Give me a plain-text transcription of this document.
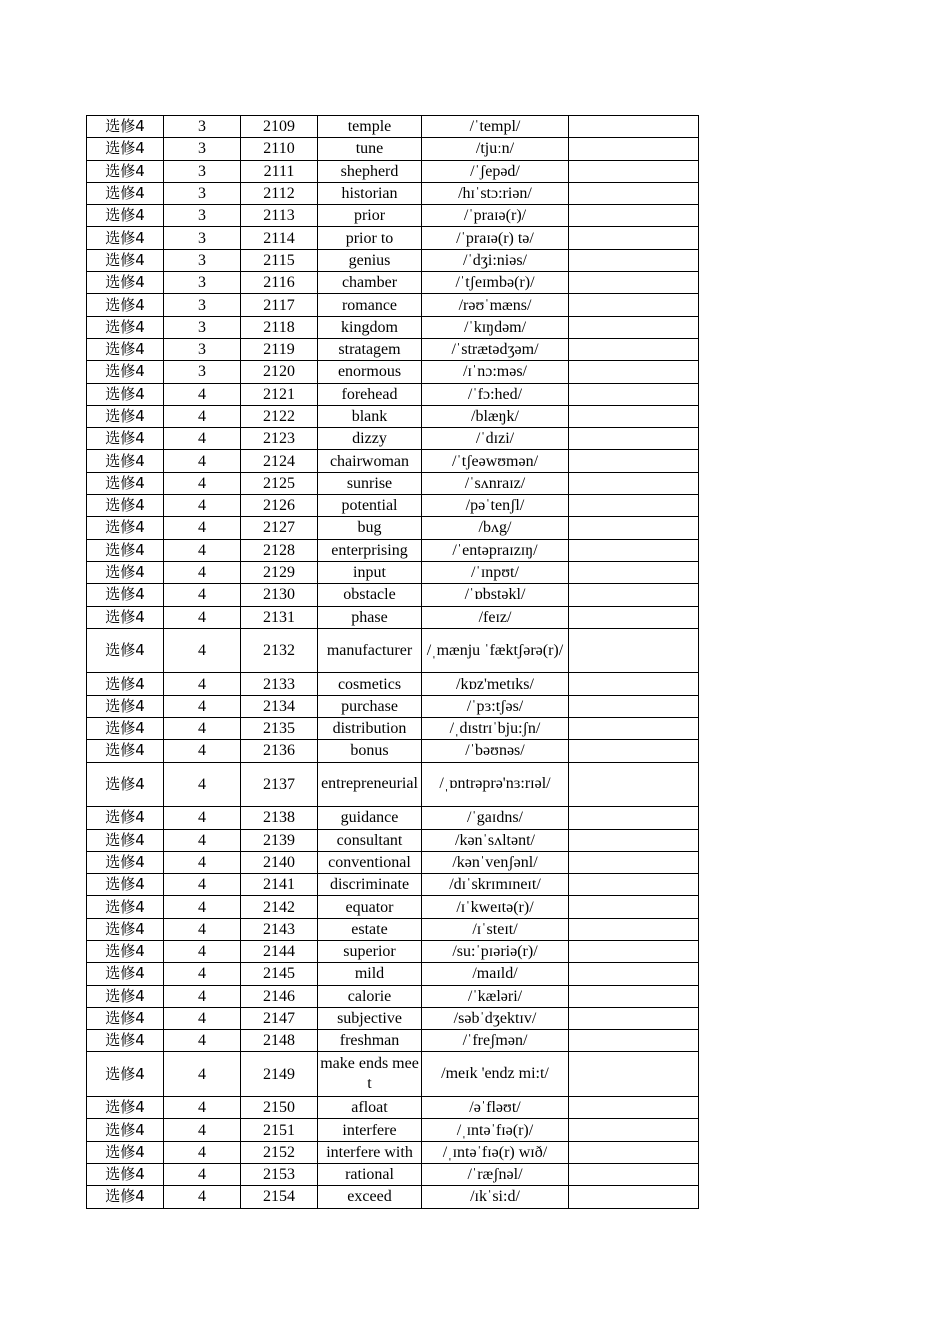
选修4	3	2109	temple	/ˈtempl/	
选修4	3	2110	tune	/tjuːn/	
选修4	3	2111	shepherd	/ˈʃepəd/	
选修4	3	2112	historian	/hɪˈstɔ:riən/	
选修4	3	2113	prior	/ˈpraɪə(r)/	
选修4	3	2114	prior to	/ˈpraɪə(r) tə/	
选修4	3	2115	genius	/ˈdʒi:niəs/	
选修4	3	2116	chamber	/ˈtʃeɪmbə(r)/	
选修4	3	2117	romance	/rəʊˈmæns/	
选修4	3	2118	kingdom	/ˈkɪŋdəm/	
选修4	3	2119	stratagem	/ˈstrætədʒəm/	
选修4	3	2120	enormous	/ɪˈnɔ:məs/	
选修4	4	2121	forehead	/ˈfɔ:hed/	
选修4	4	2122	blank	/blæŋk/	
选修4	4	2123	dizzy	/ˈdɪzi/	
选修4	4	2124	chairwoman	/ˈtʃeəwʊmən/	
选修4	4	2125	sunrise	/ˈsʌnraɪz/	
选修4	4	2126	potential	/pəˈtenʃl/	
选修4	4	2127	bug	/bʌg/	
选修4	4	2128	enterprising	/ˈentəpraɪzɪŋ/	
选修4	4	2129	input	/ˈɪnpʊt/	
选修4	4	2130	obstacle	/ˈɒbstəkl/	
选修4	4	2131	phase	/feɪz/	
选修4	4	2132	manufacturer	/ˌmænju ˈfæktʃərə(r)/	
选修4	4	2133	cosmetics	/kɒz'metɪks/	
选修4	4	2134	purchase	/ˈpɜ:tʃəs/	
选修4	4	2135	distribution	/ˌdɪstrɪˈbju:ʃn/	
选修4	4	2136	bonus	/ˈbəʊnəs/	
选修4	4	2137	entrepreneurial	/ˌɒntrəprə'nɜ:rɪəl/	
选修4	4	2138	guidance	/ˈgaɪdns/	
选修4	4	2139	consultant	/kənˈsʌltənt/	
选修4	4	2140	conventional	/kənˈvenʃənl/	
选修4	4	2141	discriminate	/dɪˈskrɪmɪneɪt/	
选修4	4	2142	equator	/ɪˈkweɪtə(r)/	
选修4	4	2143	estate	/ɪˈsteɪt/	
选修4	4	2144	superior	/su:ˈpɪəriə(r)/	
选修4	4	2145	mild	/maɪld/	
选修4	4	2146	calorie	/ˈkæləri/	
选修4	4	2147	subjective	/səbˈdʒektɪv/	
选修4	4	2148	freshman	/ˈfreʃmən/	
选修4	4	2149	make ends meet	/meɪk 'endz mi:t/	
选修4	4	2150	afloat	/əˈfləʊt/	
选修4	4	2151	interfere	/ˌɪntəˈfɪə(r)/	
选修4	4	2152	interfere with	/ˌɪntəˈfɪə(r) wɪð/	
选修4	4	2153	rational	/ˈræʃnəl/	
选修4	4	2154	exceed	/ɪkˈsi:d/	
